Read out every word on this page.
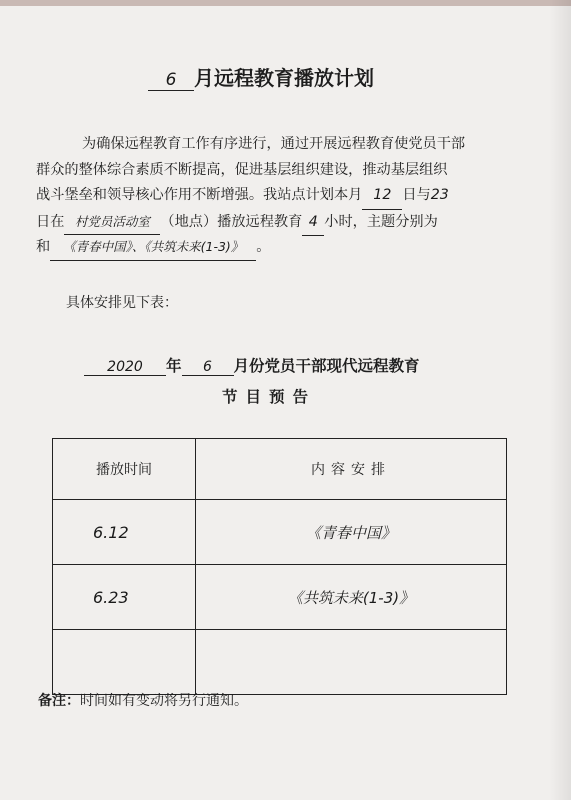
6 月远程教育播放计划
为确保远程教育工作有序进行，通过开展远程教育使党员干部
群众的整体综合素质不断提高，促进基层组织建设，推动基层组织
战斗堡垒和领导核心作用不断增强。我站点计划本月 12 日与23
日在 村党员活动室 （地点）播放远程教育 4 小时，主题分别为
和 《青春中国》、《共筑未来(1-3)》 。
具体安排见下表：
2020 年 6 月份党员干部现代远程教育
节目预告
播放时间	内容安排
6.12	《青春中国》
6.23	《共筑未来(1-3)》

备注：时间如有变动将另行通知。
